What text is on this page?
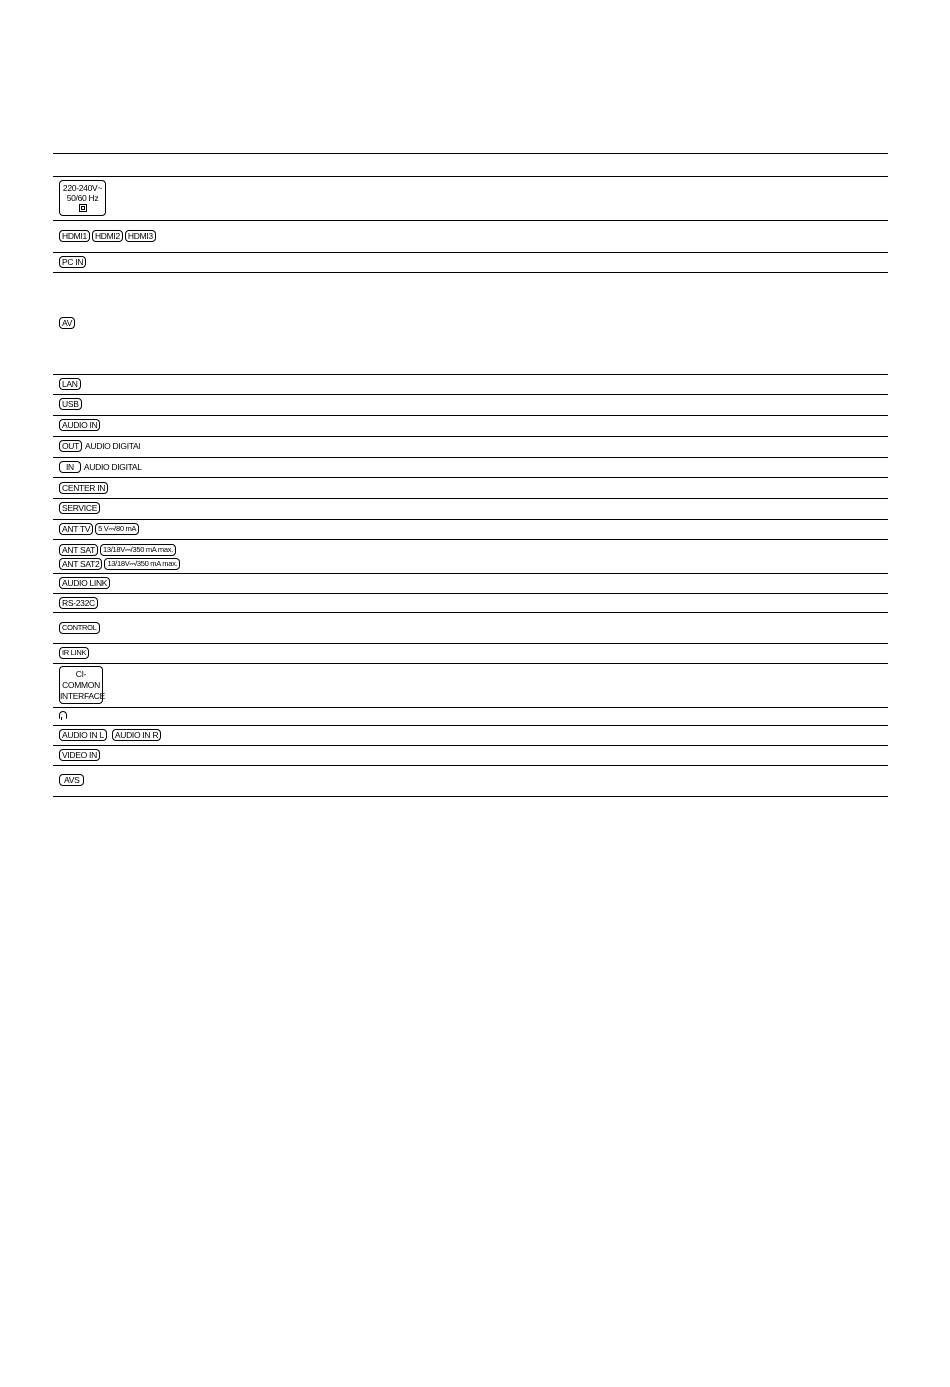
220-240V~
50/60 Hz
HDMI1 HDMI2 HDMI3
PC IN
AV
LAN
USB
AUDIO IN
OUT AUDIO DIGITAl
IN	AUDIO DIGITAL
CENTER IN
SERVICE
ANT TV	5 V⎓/80 mA
ANT SAT	13/18V⎓/350 mA max.
ANT SAT2	13/18V⎓/350 mA max.
AUDIO LINK
RS-232C
CONTROL
IR LINK
CI-
COMMON
INTERFACE
AUDIO IN L	AUDIO IN R
VIDEO IN
AVS
